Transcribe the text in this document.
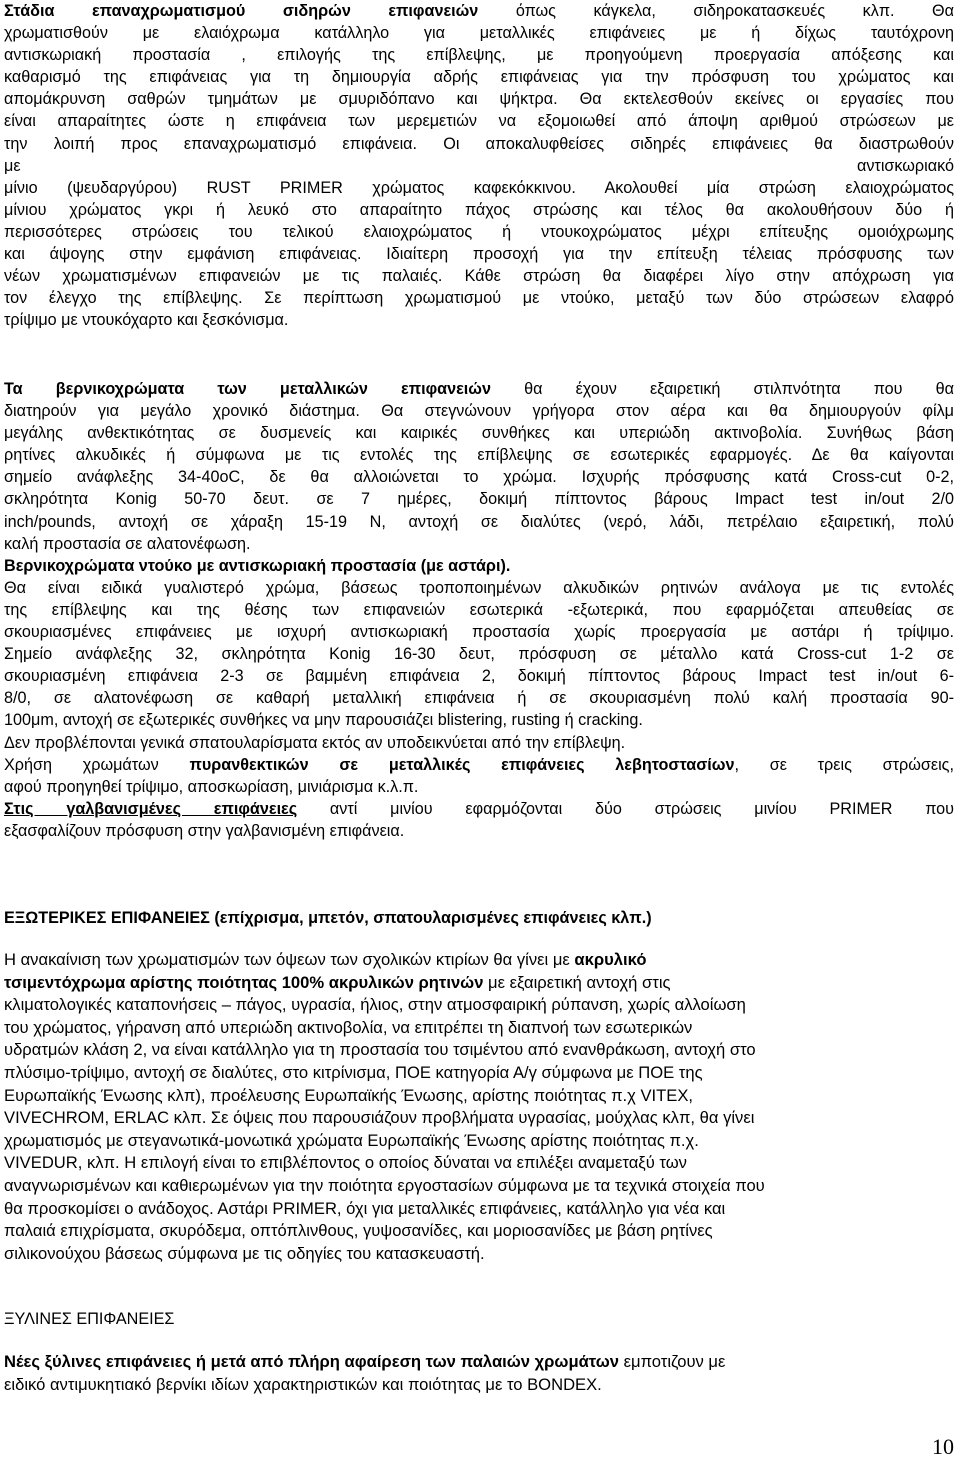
Στάδια επαναχρωματισμού σιδηρών επιφανειών όπως κάγκελα, σιδηροκατασκευές κλπ. Θα
χρωματισθούν με ελαιόχρωμα κατάλληλο για μεταλλικές επιφάνειες με ή δίχως ταυτόχρονη
αντισκωριακή προστασία , επιλογής της επίβλεψης, με προηγούμενη προεργασία απόξεσης και
καθαρισμό της επιφάνειας για τη δημιουργία αδρής επιφάνειας για την πρόσφυση του χρώματος και
απομάκρυνση σαθρών τμημάτων με σμυριδόπανο και ψήκτρα. Θα εκτελεσθούν εκείνες οι εργασίες που
είναι απαραίτητες ώστε η επιφάνεια των μερεμετιών να εξομοιωθεί από άποψη αριθμού στρώσεων με
την λοιπή προς επαναχρωματισμό επιφάνεια. Οι αποκαλυφθείσες σιδηρές επιφάνειες θα διαστρωθούν
με	αντισκωριακό
μίνιο (ψευδαργύρου) RUST PRIMER χρώματος καφεκόκκινου. Ακολουθεί μία στρώση ελαιοχρώματος
μίνιου χρώματος γκρι ή λευκό στο απαραίτητο πάχος στρώσης και τέλος θα ακολουθήσουν δύο ή
περισσότερες στρώσεις του τελικού ελαιοχρώματος ή ντουκοχρώματος μέχρι επίτευξης ομοιόχρωμης
και άψογης στην εμφάνιση επιφάνειας. Ιδιαίτερη προσοχή για την επίτευξη τέλειας πρόσφυσης των
νέων χρωματισμένων επιφανειών με τις παλαιές. Κάθε στρώση θα διαφέρει λίγο στην απόχρωση για
τον έλεγχο της επίβλεψης. Σε περίπτωση χρωματισμού με ντούκο, μεταξύ των δύο στρώσεων ελαφρό
τρίψιμο με ντουκόχαρτο και ξεσκόνισμα.
Τα βερνικοχρώματα των μεταλλικών επιφανειών θα έχουν εξαιρετική στιλπνότητα που θα
διατηρούν για μεγάλο χρονικό διάστημα. Θα στεγνώνουν γρήγορα στον αέρα και θα δημιουργούν φίλμ
μεγάλης ανθεκτικότητας σε δυσμενείς και καιρικές συνθήκες και υπεριώδη ακτινοβολία. Συνήθως βάση
ρητίνες αλκυδικές ή σύμφωνα με τις εντολές της επίβλεψης σε εσωτερικές εφαρμογές. Δε θα καίγονται
σημείο ανάφλεξης 34-40oC, δε θα αλλοιώνεται το χρώμα. Ισχυρής πρόσφυσης κατά Cross-cut 0-2,
σκληρότητα Konig 50-70 δευτ. σε 7 ημέρες, δοκιμή πίπτοντος βάρους Impact test in/out 2/0
inch/pounds, αντοχή σε χάραξη 15-19 N, αντοχή σε διαλύτες (νερό, λάδι, πετρέλαιο εξαιρετική, πολύ
καλή προστασία σε αλατονέφωση.
Βερνικοχρώματα ντούκο με αντισκωριακή προστασία (με αστάρι).
Θα είναι ειδικά γυαλιστερό χρώμα, βάσεως τροποποιημένων αλκυδικών ρητινών ανάλογα με τις εντολές
της επίβλεψης και της θέσης των επιφανειών εσωτερικά -εξωτερικά, που εφαρμόζεται απευθείας σε
σκουριασμένες επιφάνειες με ισχυρή αντισκωριακή προστασία χωρίς προεργασία με αστάρι ή τρίψιμο.
Σημείο ανάφλεξης 32, σκληρότητα Konig 16-30 δευτ, πρόσφυση σε μέταλλο κατά Cross-cut 1-2 σε
σκουριασμένη επιφάνεια 2-3 σε βαμμένη επιφάνεια 2, δοκιμή πίπτοντος βάρους Impact test in/out 6-
8/0, σε αλατονέφωση σε καθαρή μεταλλική επιφάνεια ή σε σκουριασμένη πολύ καλή προστασία 90-
100μm, αντοχή σε εξωτερικές συνθήκες να μην παρουσιάζει blistering, rusting ή cracking.
Δεν προβλέπονται γενικά σπατουλαρίσματα εκτός αν υποδεικνύεται από την επίβλεψη.
Χρήση χρωμάτων πυρανθεκτικών σε μεταλλικές επιφάνειες λεβητοστασίων, σε τρεις στρώσεις,
αφού προηγηθεί τρίψιμο, αποσκωρίαση, μινιάρισμα κ.λ.π.
Στις γαλβανισμένες επιφάνειες αντί μινίου εφαρμόζονται δύο στρώσεις μινίου PRIMER που
εξασφαλίζουν πρόσφυση στην γαλβανισμένη επιφάνεια.
ΕΞΩΤΕΡΙΚΕΣ ΕΠΙΦΑΝΕΙΕΣ (επίχρισμα, μπετόν, σπατουλαρισμένες επιφάνειες κλπ.)
Η ανακαίνιση των χρωματισμών των όψεων των σχολικών κτιρίων θα γίνει με ακρυλικό
τσιμεντόχρωμα αρίστης ποιότητας 100% ακρυλικών ρητινών με εξαιρετική αντοχή στις
κλιματολογικές καταπονήσεις – πάγος, υγρασία, ήλιος, στην ατμοσφαιρική ρύπανση, χωρίς αλλοίωση
του χρώματος, γήρανση από υπεριώδη ακτινοβολία, να επιτρέπει τη διαπνοή των εσωτερικών
υδρατμών κλάση 2, να είναι κατάλληλο για τη προστασία του τσιμέντου από ενανθράκωση, αντοχή στο
πλύσιμο-τρίψιμο, αντοχή σε διαλύτες, στο κιτρίνισμα, ΠΟΕ κατηγορία Α/γ σύμφωνα με ΠΟΕ της
Ευρωπαϊκής Ένωσης κλπ), προέλευσης Ευρωπαϊκής Ένωσης, αρίστης ποιότητας π.χ VITEX,
VIVECHROM, ERLAC κλπ. Σε όψεις που παρουσιάζουν προβλήματα υγρασίας, μούχλας κλπ, θα γίνει
χρωματισμός με στεγανωτικά-μονωτικά χρώματα Ευρωπαϊκής Ένωσης αρίστης ποιότητας π.χ.
VIVEDUR, κλπ. Η επιλογή είναι το επιβλέποντος ο οποίος δύναται να επιλέξει αναμεταξύ των
αναγνωρισμένων και καθιερωμένων για την ποιότητα εργοστασίων σύμφωνα με τα τεχνικά στοιχεία που
θα προσκομίσει ο ανάδοχος. Αστάρι PRIMER, όχι για μεταλλικές επιφάνειες, κατάλληλο για νέα και
παλαιά επιχρίσματα, σκυρόδεμα, οπτόπλινθους, γυψοσανίδες, και μοριοσανίδες με βάση ρητίνες
σιλικονούχου βάσεως σύμφωνα με τις οδηγίες του κατασκευαστή.
ΞΥΛΙΝΕΣ ΕΠΙΦΑΝΕΙΕΣ
Νέες ξύλινες επιφάνειες ή μετά από πλήρη αφαίρεση των παλαιών χρωμάτων εμποτιζουν με
ειδικό αντιμυκητιακό βερνίκι ιδίων χαρακτηριστικών και ποιότητας με το BONDEX.
10
